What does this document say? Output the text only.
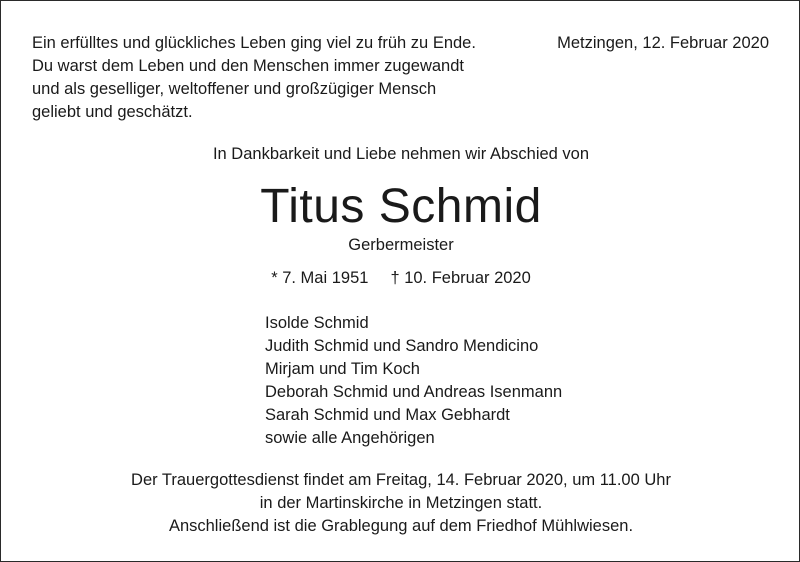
Ein erfülltes und glückliches Leben ging viel zu früh zu Ende.
Du warst dem Leben und den Menschen immer zugewandt
und als geselliger, weltoffener und großzügiger Mensch
geliebt und geschätzt.
Metzingen, 12. Februar 2020
In Dankbarkeit und Liebe nehmen wir Abschied von
Titus Schmid
Gerbermeister
* 7. Mai 1951 † 10. Februar 2020
Isolde Schmid
Judith Schmid und Sandro Mendicino
Mirjam und Tim Koch
Deborah Schmid und Andreas Isenmann
Sarah Schmid und Max Gebhardt
sowie alle Angehörigen
Der Trauergottesdienst findet am Freitag, 14. Februar 2020, um 11.00 Uhr
in der Martinskirche in Metzingen statt.
Anschließend ist die Grablegung auf dem Friedhof Mühlwiesen.
